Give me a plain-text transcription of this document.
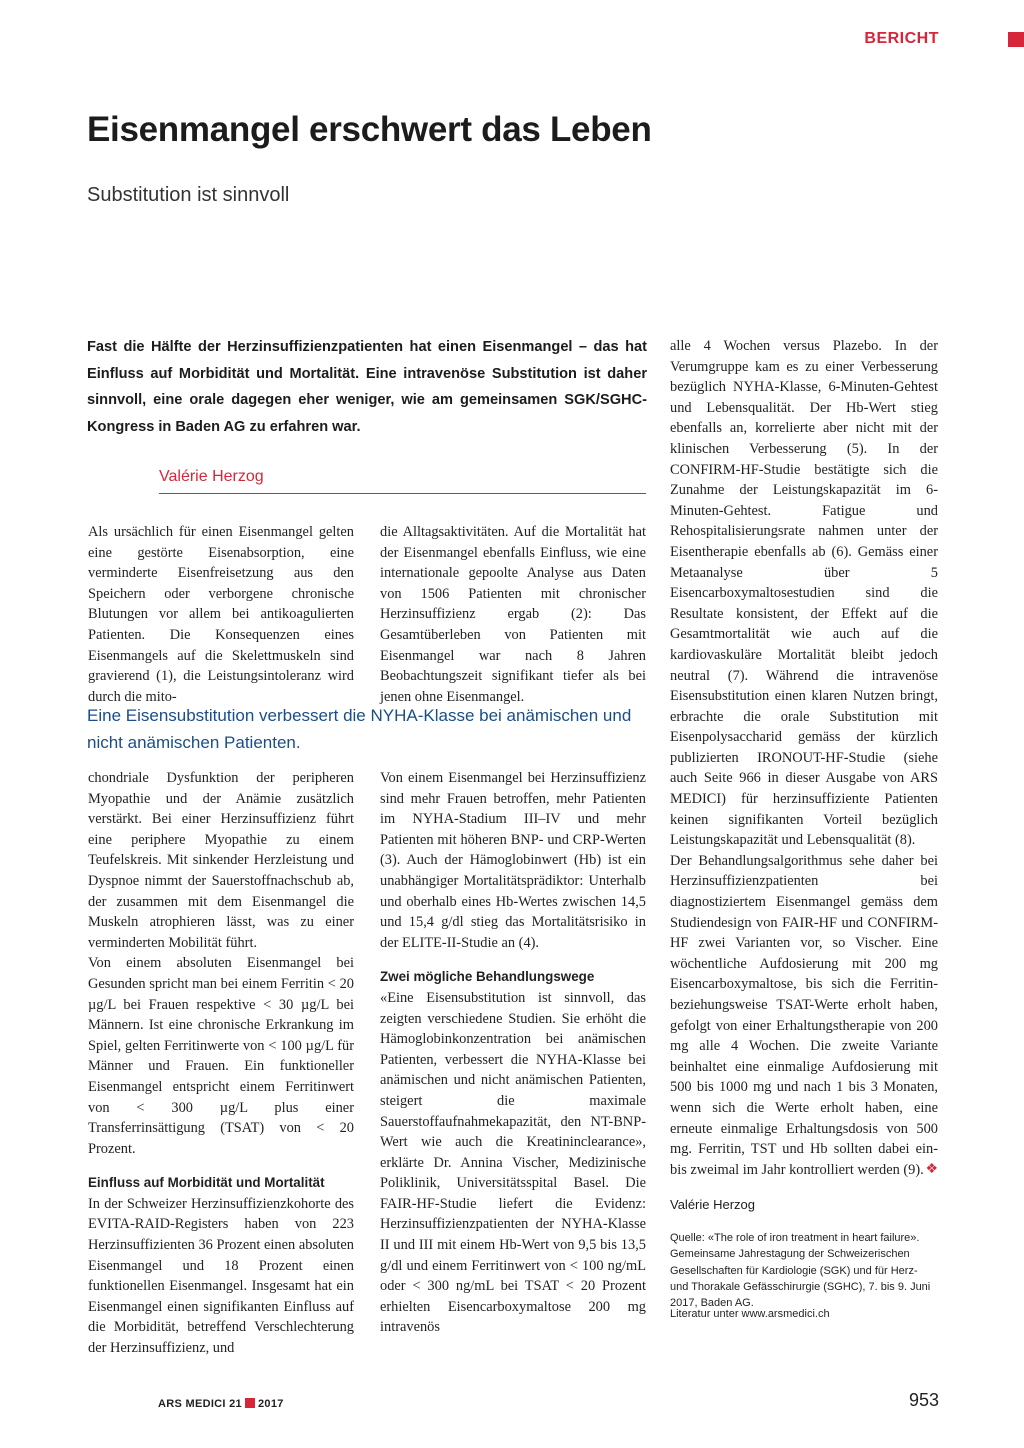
BERICHT
Eisenmangel erschwert das Leben
Substitution ist sinnvoll

Fast die Hälfte der Herzinsuffizienzpatienten hat einen Eisenmangel – das hat Einfluss auf Morbidität und Mortalität. Eine intravenöse Substitution ist daher sinnvoll, eine orale dagegen eher weniger, wie am gemeinsamen SGK/SGHC-Kongress in Baden AG zu erfahren war.

Valérie Herzog

Als ursächlich für einen Eisenmangel gelten eine gestörte Eisenabsorption, eine verminderte Eisenfreisetzung aus den Speichern oder verborgene chronische Blutungen vor allem bei antikoagulierten Patienten. Die Konsequenzen eines Eisenmangels auf die Skelettmuskeln sind gravierend (1), die Leistungsintoleranz wird durch die mito-

die Alltagsaktivitäten. Auf die Mortalität hat der Eisenmangel ebenfalls Einfluss, wie eine internationale gepoolte Analyse aus Daten von 1506 Patienten mit chronischer Herzinsuffizienz ergab (2): Das Gesamtüberleben von Patienten mit Eisenmangel war nach 8 Jahren Beobachtungszeit signifikant tiefer als bei jenen ohne Eisenmangel.

Eine Eisensubstitution verbessert die NYHA-Klasse bei anämischen und nicht anämischen Patienten.

chondriale Dysfunktion der peripheren Myopathie und der Anämie zusätzlich verstärkt. Bei einer Herzinsuffizienz führt eine periphere Myopathie zu einem Teufelskreis. Mit sinkender Herzleistung und Dyspnoe nimmt der Sauerstoffnachschub ab, der zusammen mit dem Eisenmangel die Muskeln atrophieren lässt, was zu einer verminderten Mobilität führt.

Von einem absoluten Eisenmangel bei Gesunden spricht man bei einem Ferritin < 20 µg/L bei Frauen respektive < 30 µg/L bei Männern. Ist eine chronische Erkrankung im Spiel, gelten Ferritinwerte von < 100 µg/L für Männer und Frauen. Ein funktioneller Eisenmangel entspricht einem Ferritinwert von < 300 µg/L plus einer Transferrinsättigung (TSAT) von < 20 Prozent.

Einfluss auf Morbidität und Mortalität

In der Schweizer Herzinsuffizienzkohorte des EVITA-RAID-Registers haben von 223 Herzinsuffizienten 36 Prozent einen absoluten Eisenmangel und 18 Prozent einen funktionellen Eisenmangel. Insgesamt hat ein Eisenmangel einen signifikanten Einfluss auf die Morbidität, betreffend Verschlechterung der Herzinsuffizienz, und

Von einem Eisenmangel bei Herzinsuffizienz sind mehr Frauen betroffen, mehr Patienten im NYHA-Stadium III–IV und mehr Patienten mit höheren BNP- und CRP-Werten (3). Auch der Hämoglobinwert (Hb) ist ein unabhängiger Mortalitätsprädiktor: Unterhalb und oberhalb eines Hb-Wertes zwischen 14,5 und 15,4 g/dl stieg das Mortalitätsrisiko in der ELITE-II-Studie an (4).

Zwei mögliche Behandlungswege

«Eine Eisensubstitution ist sinnvoll, das zeigten verschiedene Studien. Sie erhöht die Hämoglobinkonzentration bei anämischen Patienten, verbessert die NYHA-Klasse bei anämischen und nicht anämischen Patienten, steigert die maximale Sauerstoffaufnahmekapazität, den NT-BNP-Wert wie auch die Kreatininclearance», erklärte Dr. Annina Vischer, Medizinische Poliklinik, Universitätsspital Basel. Die FAIR-HF-Studie liefert die Evidenz: Herzinsuffizienzpatienten der NYHA-Klasse II und III mit einem Hb-Wert von 9,5 bis 13,5 g/dl und einem Ferritinwert von < 100 ng/mL oder < 300 ng/mL bei TSAT < 20 Prozent erhielten Eisencarboxymaltose 200 mg intravenös

alle 4 Wochen versus Plazebo. In der Verumgruppe kam es zu einer Verbesserung bezüglich NYHA-Klasse, 6-Minuten-Gehtest und Lebensqualität. Der Hb-Wert stieg ebenfalls an, korrelierte aber nicht mit der klinischen Verbesserung (5). In der CONFIRM-HF-Studie bestätigte sich die Zunahme der Leistungskapazität im 6-Minuten-Gehtest. Fatigue und Rehospitalisierungsrate nahmen unter der Eisentherapie ebenfalls ab (6). Gemäss einer Metaanalyse über 5 Eisencarboxymaltosestudien sind die Resultate konsistent, der Effekt auf die Gesamtmortalität wie auch auf die kardiovaskuläre Mortalität bleibt jedoch neutral (7). Während die intravenöse Eisensubstitution einen klaren Nutzen bringt, erbrachte die orale Substitution mit Eisenpolysaccharid gemäss der kürzlich publizierten IRONOUT-HF-Studie (siehe auch Seite 966 in dieser Ausgabe von ARS MEDICI) für herzinsuffiziente Patienten keinen signifikanten Vorteil bezüglich Leistungskapazität und Lebensqualität (8).

Der Behandlungsalgorithmus sehe daher bei Herzinsuffizienzpatienten bei diagnostiziertem Eisenmangel gemäss dem Studiendesign von FAIR-HF und CONFIRM-HF zwei Varianten vor, so Vischer. Eine wöchentliche Aufdosierung mit 200 mg Eisencarboxymaltose, bis sich die Ferritin- beziehungsweise TSAT-Werte erholt haben, gefolgt von einer Erhaltungstherapie von 200 mg alle 4 Wochen. Die zweite Variante beinhaltet eine einmalige Aufdosierung mit 500 bis 1000 mg und nach 1 bis 3 Monaten, wenn sich die Werte erholt haben, eine erneute einmalige Erhaltungsdosis von 500 mg. Ferritin, TST und Hb sollten dabei ein- bis zweimal im Jahr kontrolliert werden (9). ❖

Valérie Herzog

Quelle: «The role of iron treatment in heart failure». Gemeinsame Jahrestagung der Schweizerischen Gesellschaften für Kardiologie (SGK) und für Herz- und Thorakale Gefässchirurgie (SGHC), 7. bis 9. Juni 2017, Baden AG.

Literatur unter www.arsmedici.ch
ARS MEDICI 21 2017	953
